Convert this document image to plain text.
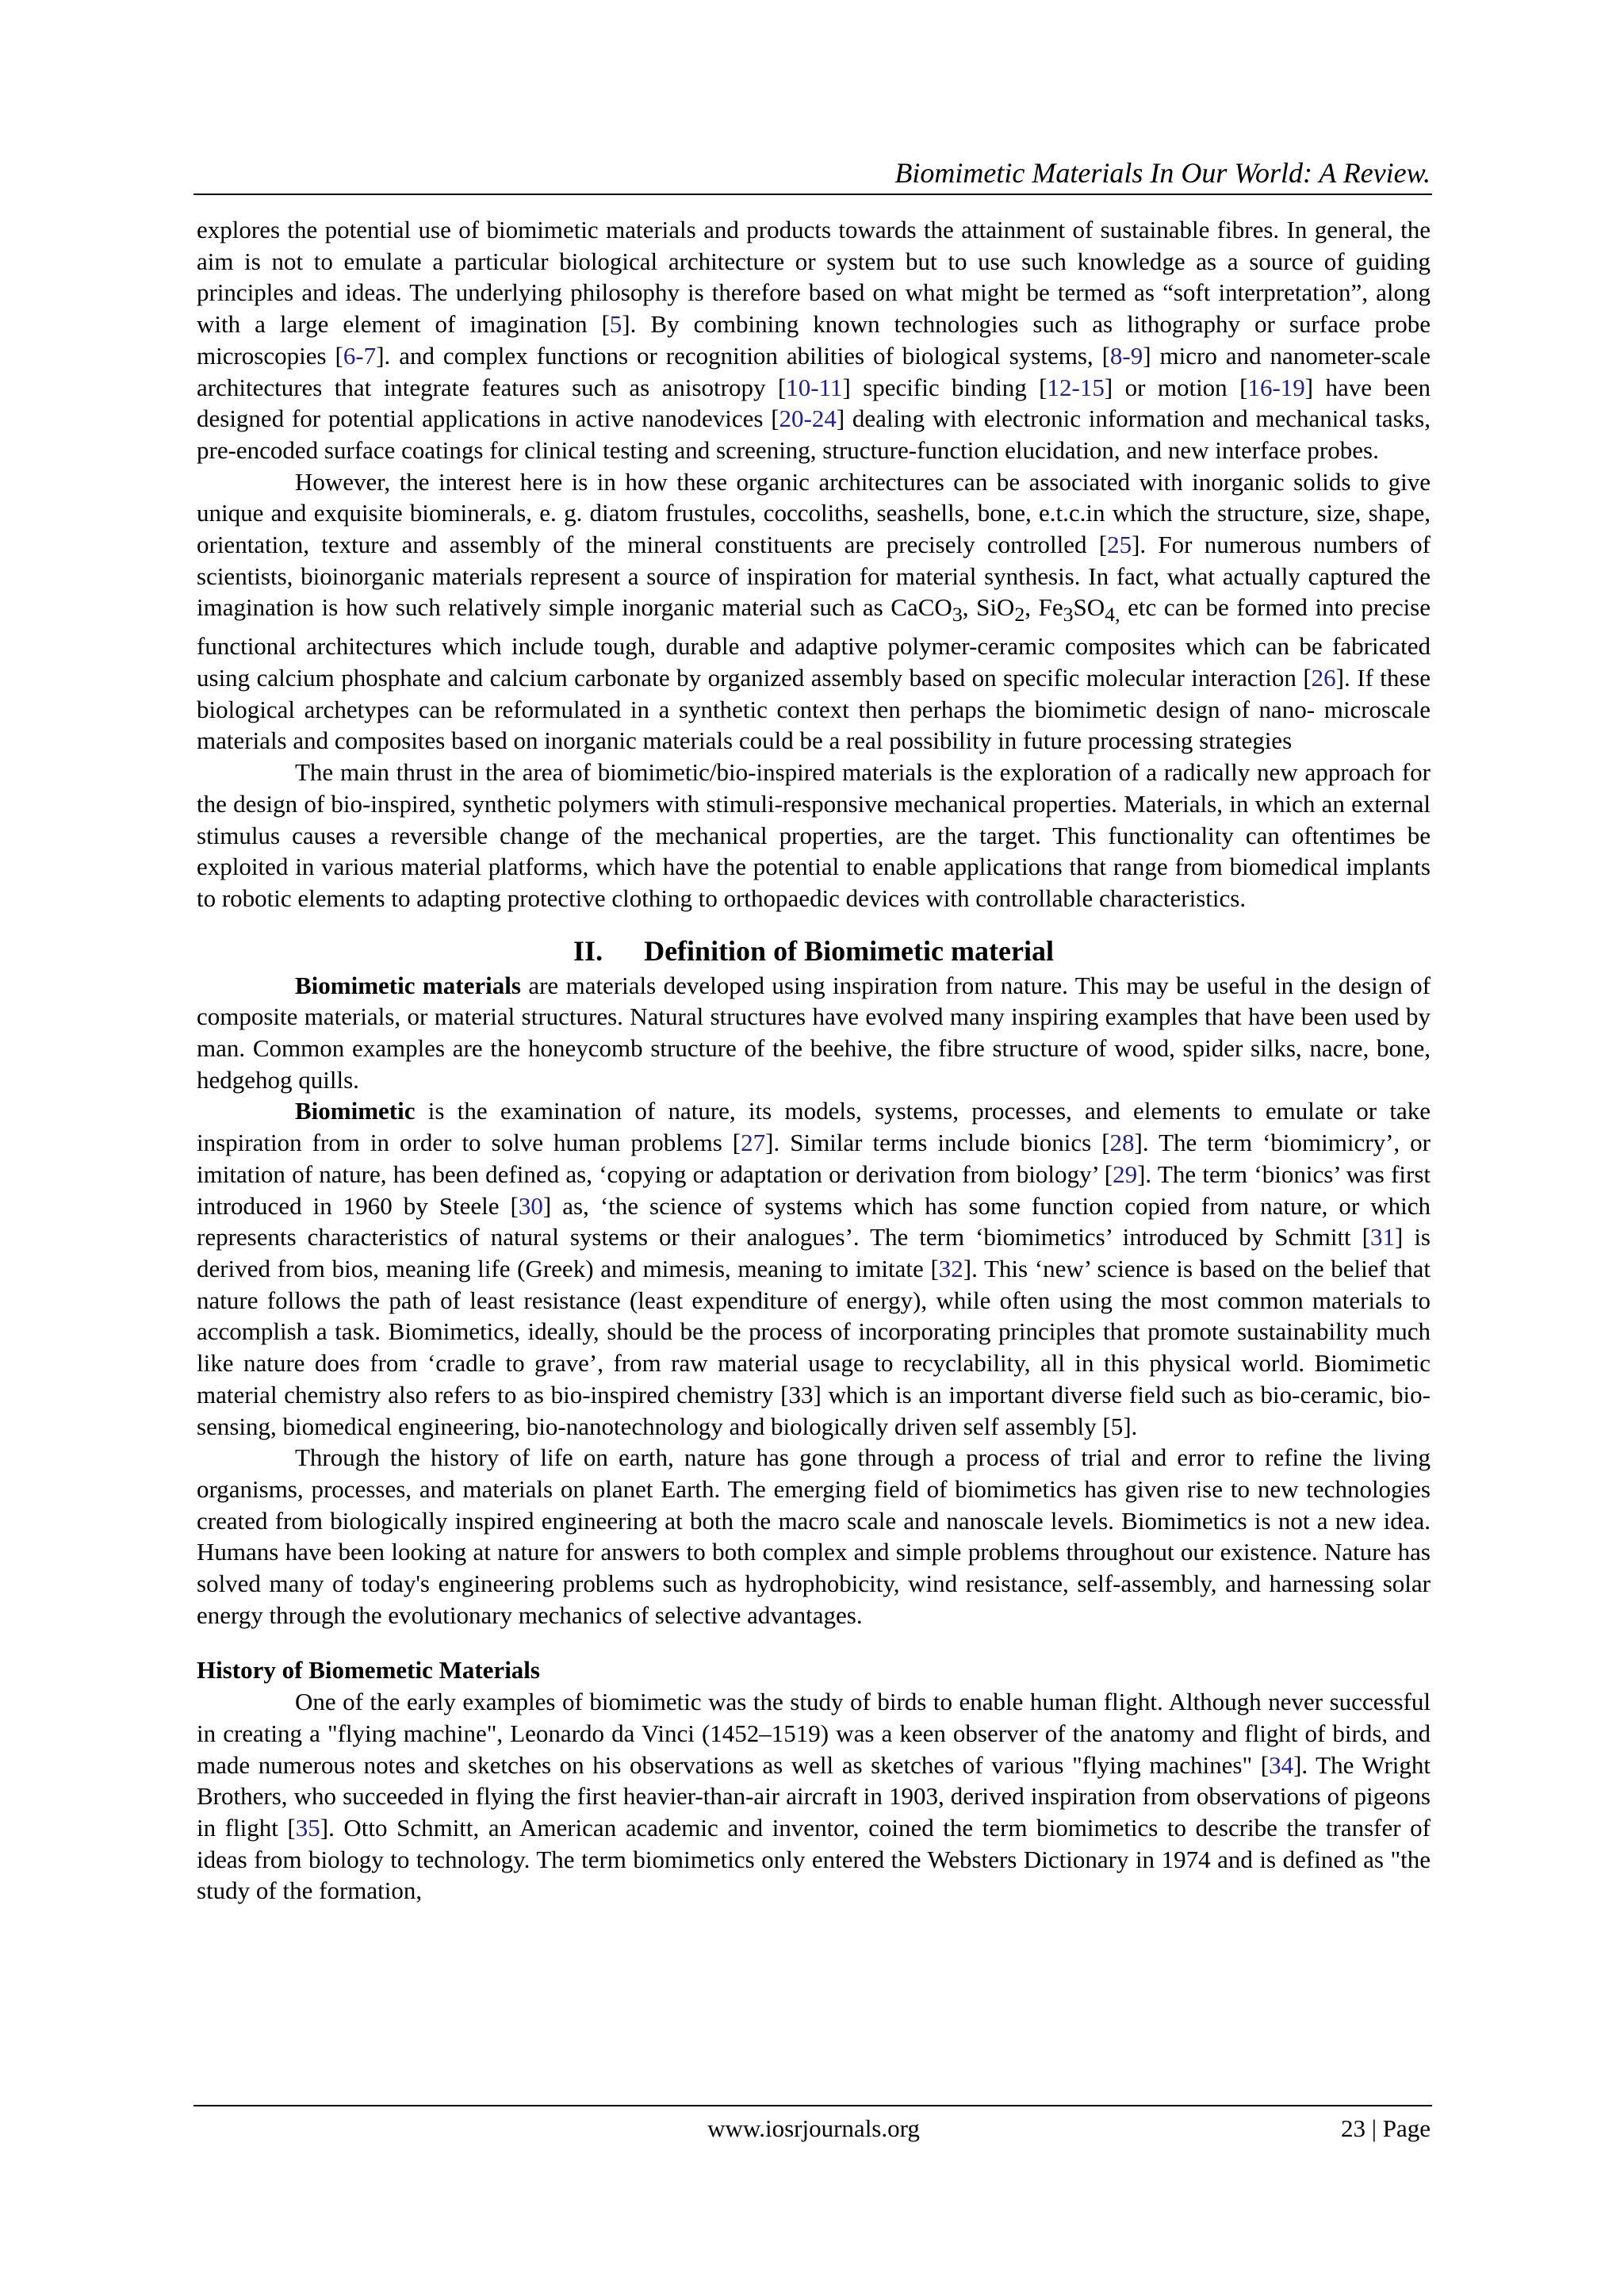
Biomimetic Materials In Our World: A Review.

explores the potential use of biomimetic materials and products towards the attainment of sustainable fibres. In general, the aim is not to emulate a particular biological architecture or system but to use such knowledge as a source of guiding principles and ideas. The underlying philosophy is therefore based on what might be termed as “soft interpretation”, along with a large element of imagination [5]. By combining known technologies such as lithography or surface probe microscopies [6-7]. and complex functions or recognition abilities of biological systems, [8-9] micro and nanometer-scale architectures that integrate features such as anisotropy [10-11] specific binding [12-15] or motion [16-19] have been designed for potential applications in active nanodevices [20-24] dealing with electronic information and mechanical tasks, pre-encoded surface coatings for clinical testing and screening, structure-function elucidation, and new interface probes.

However, the interest here is in how these organic architectures can be associated with inorganic solids to give unique and exquisite biominerals, e. g. diatom frustules, coccoliths, seashells, bone, e.t.c.in which the structure, size, shape, orientation, texture and assembly of the mineral constituents are precisely controlled [25]. For numerous numbers of scientists, bioinorganic materials represent a source of inspiration for material synthesis. In fact, what actually captured the imagination is how such relatively simple inorganic material such as CaCO$_3$, SiO$_2$, $Fe_3SO_{4,}$ etc can be formed into precise functional architectures which include tough, durable and adaptive polymer-ceramic composites which can be fabricated using calcium phosphate and calcium carbonate by organized assembly based on specific molecular interaction [26]. If these biological archetypes can be reformulated in a synthetic context then perhaps the biomimetic design of nano- microscale materials and composites based on inorganic materials could be a real possibility in future processing strategies

The main thrust in the area of biomimetic/bio-inspired materials is the exploration of a radically new approach for the design of bio-inspired, synthetic polymers with stimuli-responsive mechanical properties. Materials, in which an external stimulus causes a reversible change of the mechanical properties, are the target. This functionality can oftentimes be exploited in various material platforms, which have the potential to enable applications that range from biomedical implants to robotic elements to adapting protective clothing to orthopaedic devices with controllable characteristics.

II. Definition of Biomimetic material

Biomimetic materials are materials developed using inspiration from nature. This may be useful in the design of composite materials, or material structures. Natural structures have evolved many inspiring examples that have been used by man. Common examples are the honeycomb structure of the beehive, the fibre structure of wood, spider silks, nacre, bone, hedgehog quills.

Biomimetic is the examination of nature, its models, systems, processes, and elements to emulate or take inspiration from in order to solve human problems [27]. Similar terms include bionics [28]. The term ‘biomimicry’, or imitation of nature, has been defined as, ‘copying or adaptation or derivation from biology’ [29]. The term ‘bionics’ was first introduced in 1960 by Steele [30] as, ‘the science of systems which has some function copied from nature, or which represents characteristics of natural systems or their analogues’. The term ‘biomimetics’ introduced by Schmitt [31] is derived from bios, meaning life (Greek) and mimesis, meaning to imitate [32]. This ‘new’ science is based on the belief that nature follows the path of least resistance (least expenditure of energy), while often using the most common materials to accomplish a task. Biomimetics, ideally, should be the process of incorporating principles that promote sustainability much like nature does from ‘cradle to grave’, from raw material usage to recyclability, all in this physical world. Biomimetic material chemistry also refers to as bio-inspired chemistry [33] which is an important diverse field such as bio-ceramic, bio-sensing, biomedical engineering, bio-nanotechnology and biologically driven self assembly [5].

Through the history of life on earth, nature has gone through a process of trial and error to refine the living organisms, processes, and materials on planet Earth. The emerging field of biomimetics has given rise to new technologies created from biologically inspired engineering at both the macro scale and nanoscale levels. Biomimetics is not a new idea. Humans have been looking at nature for answers to both complex and simple problems throughout our existence. Nature has solved many of today's engineering problems such as hydrophobicity, wind resistance, self-assembly, and harnessing solar energy through the evolutionary mechanics of selective advantages.

History of Biomemetic Materials

One of the early examples of biomimetic was the study of birds to enable human flight. Although never successful in creating a "flying machine", Leonardo da Vinci (1452–1519) was a keen observer of the anatomy and flight of birds, and made numerous notes and sketches on his observations as well as sketches of various "flying machines" [34]. The Wright Brothers, who succeeded in flying the first heavier-than-air aircraft in 1903, derived inspiration from observations of pigeons in flight [35]. Otto Schmitt, an American academic and inventor, coined the term biomimetics to describe the transfer of ideas from biology to technology. The term biomimetics only entered the Websters Dictionary in 1974 and is defined as "the study of the formation,

www.iosrjournals.org	23 | Page
